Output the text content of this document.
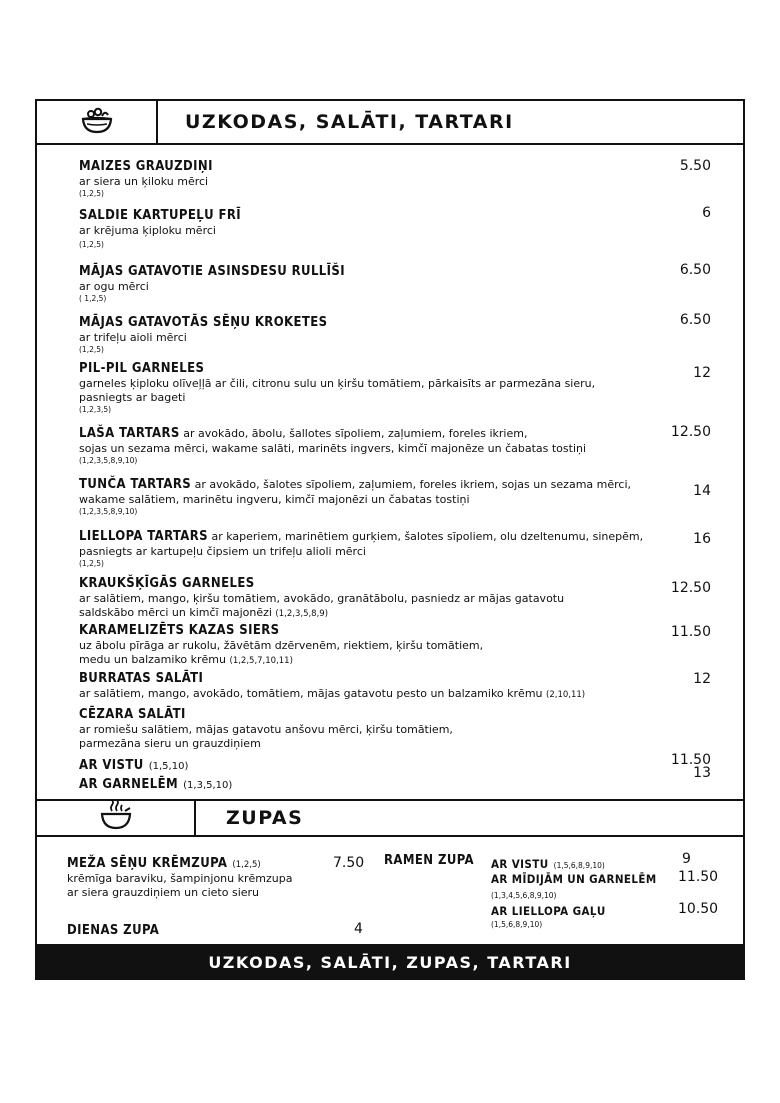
UZKODAS, SALĀTI, TARTARI
MAIZES GRAUZDIŅI
ar siera un ķiloku mērci
(1,2,5)
5.50
SALDIE KARTUPEĻU FRĪ
ar krējuma ķiploku mērci
(1,2,5)
6
MĀJAS GATAVOTIE ASINSDESU RULLĪŠI
ar ogu mērci
( 1,2,5)
6.50
MĀJAS GATAVOTĀS SĒŅU KROKETES
ar trifeļu aioli mērci
(1,2,5)
6.50
PIL-PIL GARNELES
garneles ķiploku olīveļļā ar čili, citronu sulu un ķiršu tomātiem, pārkaisīts ar parmezāna sieru,
pasniegts ar bageti
(1,2,3,5)
12
LAŠA TARTARS ar avokādo, ābolu, šallotes sīpoliem, zaļumiem, foreles ikriem,
sojas un sezama mērci, wakame salāti, marinēts ingvers, kimčī majonēze un čabatas tostiņi
(1,2,3,5,8,9,10)
12.50
TUNČA TARTARS ar avokādo, šalotes sīpoliem, zaļumiem, foreles ikriem, sojas un sezama mērci,
wakame salātiem, marinētu ingveru, kimčī majonēzi un čabatas tostiņi
(1,2,3,5,8,9,10)
14
LIELLOPA TARTARS ar kaperiem, marinētiem gurķiem, šalotes sīpoliem, olu dzeltenumu, sinepēm,
pasniegts ar kartupeļu čipsiem un trifeļu alioli mērci
(1,2,5)
16
KRAUKŠĶĪGĀS GARNELES
ar salātiem, mango, ķiršu tomātiem, avokādo, granātābolu, pasniedz ar mājas gatavotu
saldskābo mērci un kimčī majonēzi (1,2,3,5,8,9)
12.50
KARAMELIZĒTS KAZAS SIERS
uz ābolu pīrāga ar rukolu, žāvētām dzērvenēm, riektiem, ķiršu tomātiem,
medu un balzamiko krēmu (1,2,5,7,10,11)
11.50
BURRATAS SALĀTI
ar salātiem, mango, avokādo, tomātiem, mājas gatavotu pesto un balzamiko krēmu (2,10,11)
12
CĒZARA SALĀTI
ar romiešu salātiem, mājas gatavotu anšovu mērci, ķiršu tomātiem,
parmezāna sieru un grauzdiņiem
AR VISTU (1,5,10)	11.50
AR GARNELĒM (1,3,5,10)
13
ZUPAS
MEŽA SĒŅU KRĒMZUPA (1,2,5)
krēmīga baraviku, šampinjonu krēmzupa
ar siera grauzdiņiem un cieto sieru
7.50
DIENAS ZUPA	4
RAMEN ZUPA AR VISTU (1,5,6,8,9,10)	9
AR MĪDIJĀM UN GARNELĒM
(1,3,4,5,6,8,9,10)
11.50
AR LIELLOPA GAĻU
(1,5,6,8,9,10)
10.50
UZKODAS, SALĀTI, ZUPAS, TARTARI
